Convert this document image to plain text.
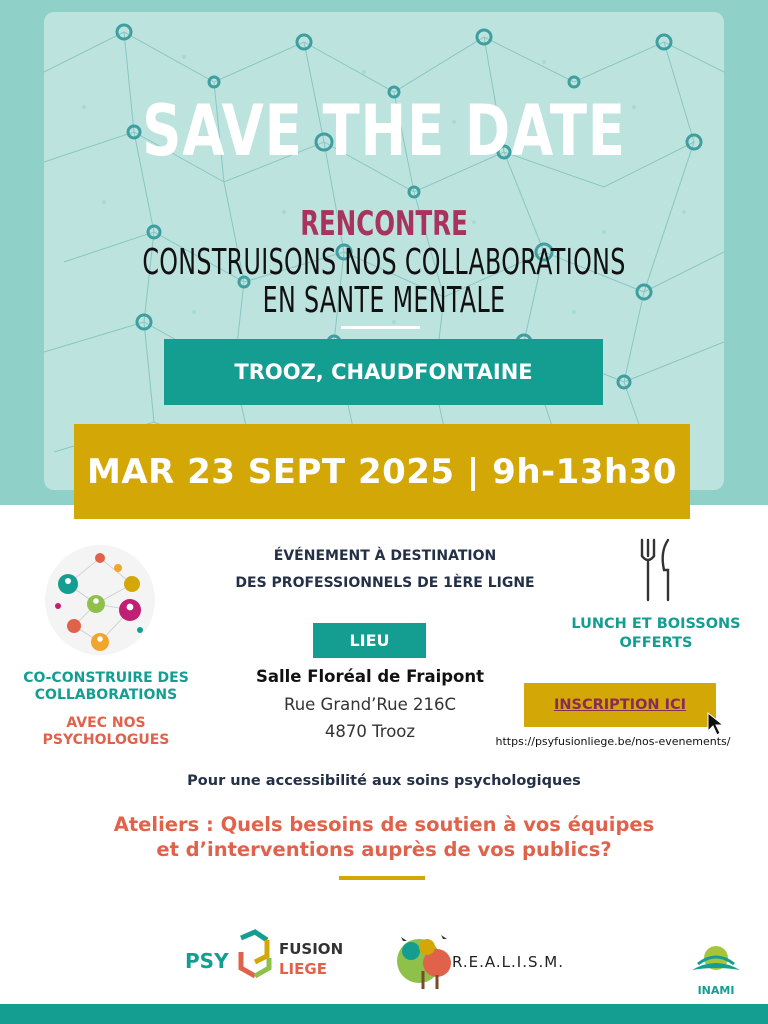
SAVE THE DATE
RENCONTRE
CONSTRUISONS NOS COLLABORATIONS
EN SANTE MENTALE
TROOZ, CHAUDFONTAINE
MAR 23 SEPT 2025 | 9h-13h30
CO-CONSTRUIRE DES
COLLABORATIONS
AVEC NOS
PSYCHOLOGUES
ÉVÉNEMENT À DESTINATION
DES PROFESSIONNELS DE 1ÈRE LIGNE
LIEU
Salle Floréal de Fraipont
Rue Grand’Rue 216C
4870 Trooz
LUNCH ET BOISSONS
OFFERTS
INSCRIPTION ICI
https://psyfusionliege.be/nos-evenements/
Pour une accessibilité aux soins psychologiques
Ateliers : Quels besoins de soutien à vos équipes
et d’interventions auprès de vos publics?
PSY	FUSION
LIEGE	R.E.A.L.I.S.M.
INAMI
